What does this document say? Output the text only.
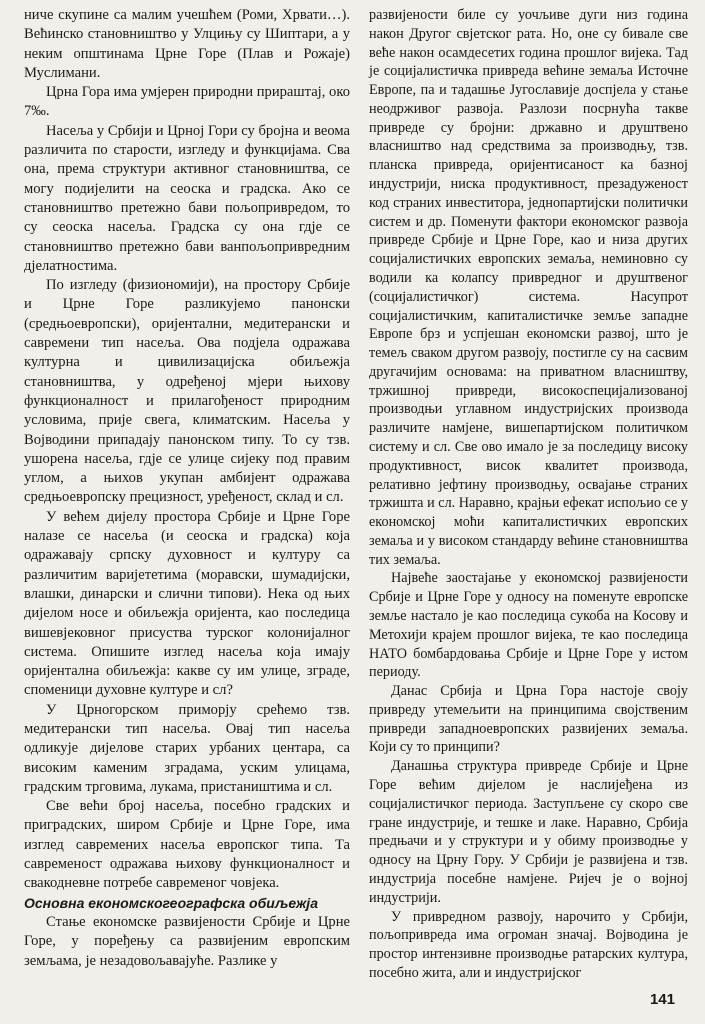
ниче скупине са малим учешћем (Роми, Хрвати…). Већинско становништво у Улцињу су Шиптари, а у неким општинама Црне Горе (Плав и Рожаје) Муслимани.

Црна Гора има умјерен природни прираштај, око 7‰.

Насеља у Србији и Црној Гори су бројна и веома различита по старости, изгледу и функцијама. Сва она, према структури активног становништва, се могу подијелити на сеоска и градска. Ако се становништво претежно бави пољопривредом, то су сеоска насеља. Градска су она гдје се становништво претежно бави ванпољопривредним дјелатностима.

По изгледу (физиономији), на простору Србије и Црне Горе разликујемо панонски (средњоевропски), оријентални, медитерански и савремени тип насеља. Ова подјела одражава културна и цивилизацијска обиљежја становништва, у одређеној мјери њихову функционалност и прилагођеност природним условима, прије свега, климатским. Насеља у Војводини припадају панонском типу. То су тзв. ушорена насеља, гдје се улице сијеку под правим углом, а њихов укупан амбијент одражава средњоевропску прецизност, уређеност, склад и сл.

У већем дијелу простора Србије и Црне Горе налазе се насеља (и сеоска и градска) која одражавају српску духовност и културу са различитим варијететима (моравски, шумадијски, влашки, динарски и слични типови). Нека од њих дијелом носе и обиљежја оријента, као последица вишевјековног присуства турског колонијалног система. Опишите изглед насеља која имају оријентална обиљежја: какве су им улице, зграде, споменици духовне културе и сл?

У Црногорском приморју срећемо тзв. медитерански тип насеља. Овај тип насеља одликује дијелове старих урбаних центара, са високим каменим зградама, уским улицама, градским трговима, лукама, пристаништима и сл.

Све већи број насеља, посебно градских и приградских, широм Србије и Црне Горе, има изглед савремених насеља европског типа. Та савременост одражава њихову функционалност и свакодневне потребе савременог човјека.

Основна економскогеографска обиљежја

Стање економске развијености Србије и Црне Горе, у поређењу са развијеним европским земљама, је незадовољавајуће. Разлике у

развијености биле су уочљиве дуги низ година након Другог свјетског рата. Но, оне су бивале све веће након осамдесетих година прошлог вијека. Тад је социјалистичка привреда већине земаља Источне Европе, па и тадашње Југославије доспјела у стање неодрживог развоја. Разлози посрнућа такве привреде су бројни: државно и друштвено власништво над средствима за производњу, тзв. планска привреда, оријентисаност ка базној индустрији, ниска продуктивност, презадуженост код страних инвеститора, једнопартијски политички систем и др. Поменути фактори економског развоја привреде Србије и Црне Горе, као и низа других социјалистичких европских земаља, неминовно су водили ка колапсу привредног и друштвеног (социјалистичког) система. Насупрот социјалистичким, капиталистичке земље западне Европе брз и успјешан економски развој, што је темељ сваком другом развоју, постигле су на сасвим другачијим основама: на приватном власништву, тржишној привреди, високоспецијализованој производњи углавном индустријских производа различите намјене, вишепартијском политичком систему и сл. Све ово имало је за последицу високу продуктивност, висок квалитет производа, релативно јефтину производњу, освајање страних тржишта и сл. Наравно, крајњи ефекат испољио се у економској моћи капиталистичких европских земаља и у високом стандарду већине становништва тих земаља.

Највеће заостајање у економској развијености Србије и Црне Горе у односу на поменуте европске земље настало је као последица сукоба на Косову и Метохији крајем прошлог вијека, те као последица НАТО бомбардовања Србије и Црне Горе у истом периоду.

Данас Србија и Црна Гора настоје своју привреду утемељити на принципима својственим привреди западноевропских развијених земаља. Који су то принципи?

Данашња структура привреде Србије и Црне Горе већим дијелом је наслијеђена из социјалистичког периода. Заступљене су скоро све гране индустрије, и тешке и лаке. Наравно, Србија предњачи и у структури и у обиму производње у односу на Црну Гору. У Србији је развијена и тзв. индустрија посебне намјене. Ријеч је о војној индустрији.

У привредном развоју, нарочито у Србији, пољопривреда има огроман значај. Војводина је простор интензивне производње ратарских култура, посебно жита, али и индустријског

141
